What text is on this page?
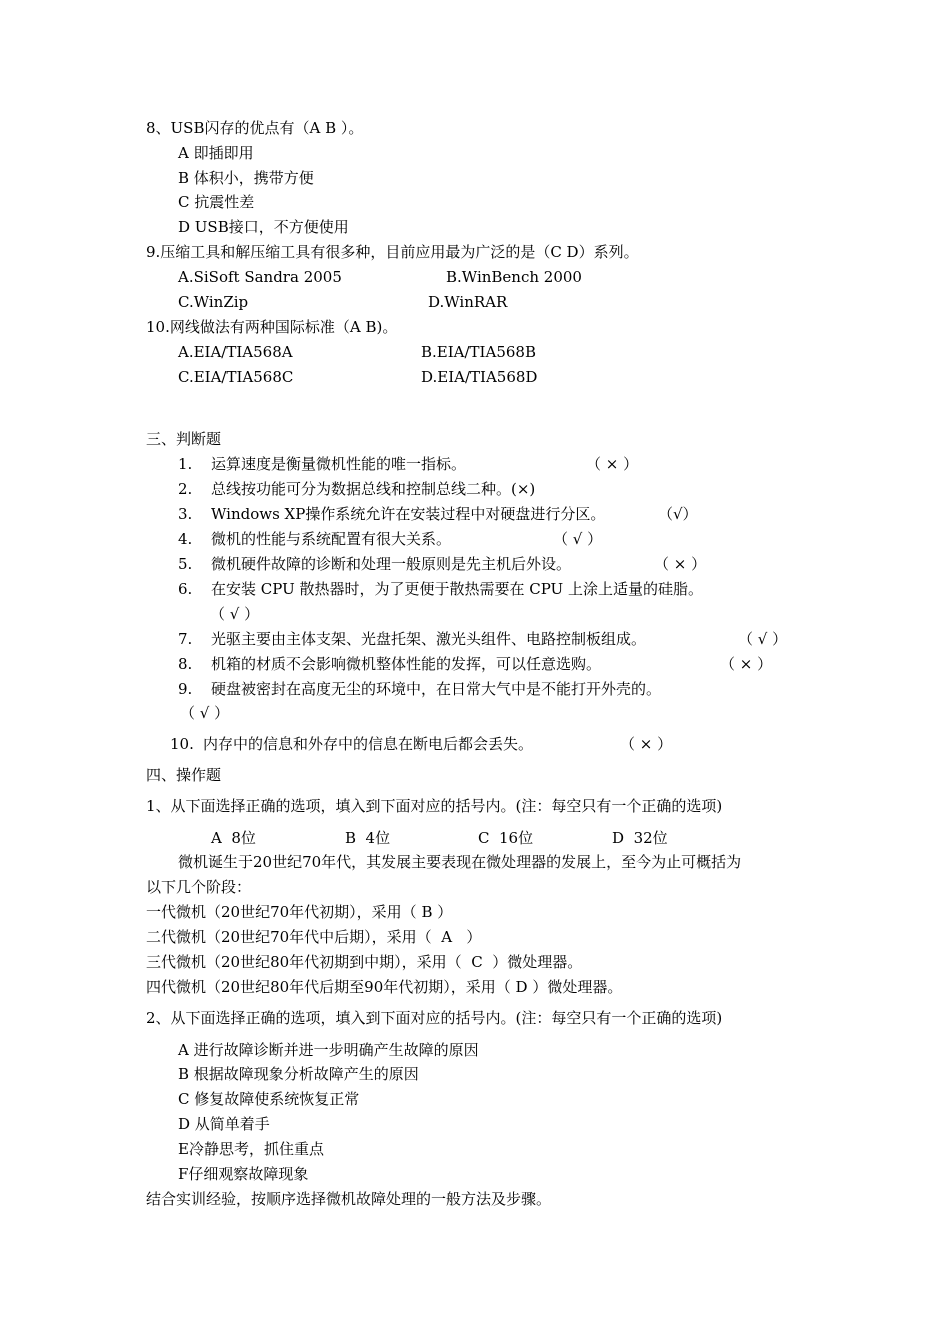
8、USB闪存的优点有（A B ）。
A 即插即用
B 体积小，携带方便
C 抗震性差
D USB接口，不方便使用
9.压缩工具和解压缩工具有很多种，目前应用最为广泛的是（C D）系列。
A.SiSoft Sandra 2005	B.WinBench 2000
C.WinZip	D.WinRAR
10.网线做法有两种国际标准（A B)。
A.EIA/TIA568A	B.EIA/TIA568B
C.EIA/TIA568C	D.EIA/TIA568D
三、判断题
1. 运算速度是衡量微机性能的唯一指标。	（ × ）
2. 总线按功能可分为数据总线和控制总线二种。(×)
3. Windows XP操作系统允许在安装过程中对硬盘进行分区。	（√）
4. 微机的性能与系统配置有很大关系。	（ √ ）
5. 微机硬件故障的诊断和处理一般原则是先主机后外设。	（ × ）
6. 在安装 CPU 散热器时，为了更便于散热需要在 CPU 上涂上适量的硅脂。
（ √ ）
7. 光驱主要由主体支架、光盘托架、激光头组件、电路控制板组成。	（ √ ）
8. 机箱的材质不会影响微机整体性能的发挥，可以任意选购。	（ × ）
9. 硬盘被密封在高度无尘的环境中，在日常大气中是不能打开外壳的。
（ √ ）
10. 内存中的信息和外存中的信息在断电后都会丢失。	（ × ）
四、操作题
1、从下面选择正确的选项，填入到下面对应的括号内。(注：每空只有一个正确的选项)
A  8位	B  4位	C  16位	D  32位
微机诞生于20世纪70年代，其发展主要表现在微处理器的发展上，至今为止可概括为
以下几个阶段：
一代微机（20世纪70年代初期），采用（ B ）
二代微机（20世纪70年代中后期），采用（  A   ）
三代微机（20世纪80年代初期到中期），采用（  C  ）微处理器。
四代微机（20世纪80年代后期至90年代初期），采用（ D ）微处理器。
2、从下面选择正确的选项，填入到下面对应的括号内。(注：每空只有一个正确的选项)
A 进行故障诊断并进一步明确产生故障的原因
B 根据故障现象分析故障产生的原因
C 修复故障使系统恢复正常
D 从简单着手
E冷静思考，抓住重点
F仔细观察故障现象
结合实训经验，按顺序选择微机故障处理的一般方法及步骤。
